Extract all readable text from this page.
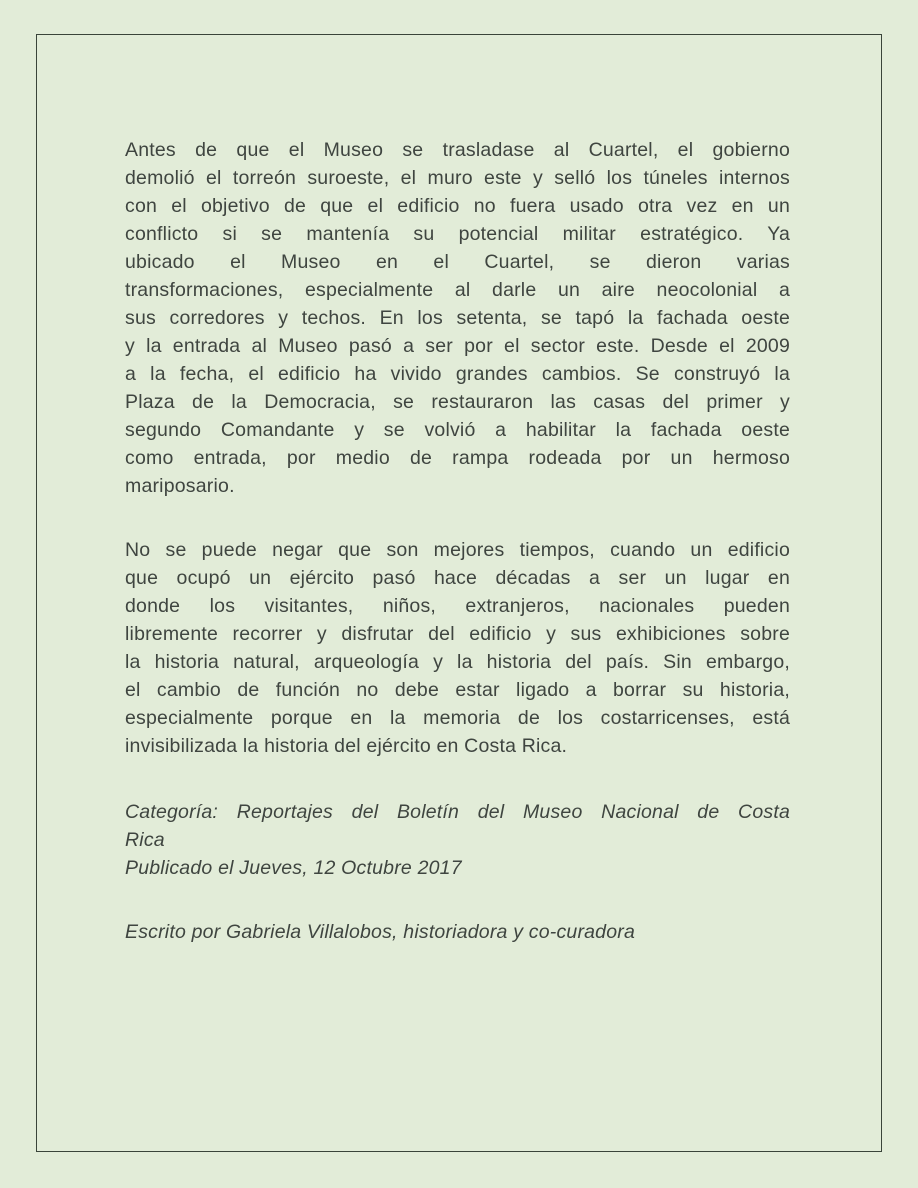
Antes de que el Museo se trasladase al Cuartel, el gobierno
demolió el torreón suroeste, el muro este y selló los túneles internos
con el objetivo de que el edificio no fuera usado otra vez en un
conflicto si se mantenía su potencial militar estratégico. Ya
ubicado el Museo en el Cuartel, se dieron varias
transformaciones, especialmente al darle un aire neocolonial a
sus corredores y techos. En los setenta, se tapó la fachada oeste
y la entrada al Museo pasó a ser por el sector este. Desde el 2009
a la fecha, el edificio ha vivido grandes cambios. Se construyó la
Plaza de la Democracia, se restauraron las casas del primer y
segundo Comandante y se volvió a habilitar la fachada oeste
como entrada, por medio de rampa rodeada por un hermoso
mariposario.
No se puede negar que son mejores tiempos, cuando un edificio
que ocupó un ejército pasó hace décadas a ser un lugar en
donde los visitantes, niños, extranjeros, nacionales pueden
libremente recorrer y disfrutar del edificio y sus exhibiciones sobre
la historia natural, arqueología y la historia del país. Sin embargo,
el cambio de función no debe estar ligado a borrar su historia,
especialmente porque en la memoria de los costarricenses, está
invisibilizada la historia del ejército en Costa Rica.
Categoría: Reportajes del Boletín del Museo Nacional de Costa
Rica
Publicado el Jueves, 12 Octubre 2017
Escrito por Gabriela Villalobos, historiadora y co-curadora
